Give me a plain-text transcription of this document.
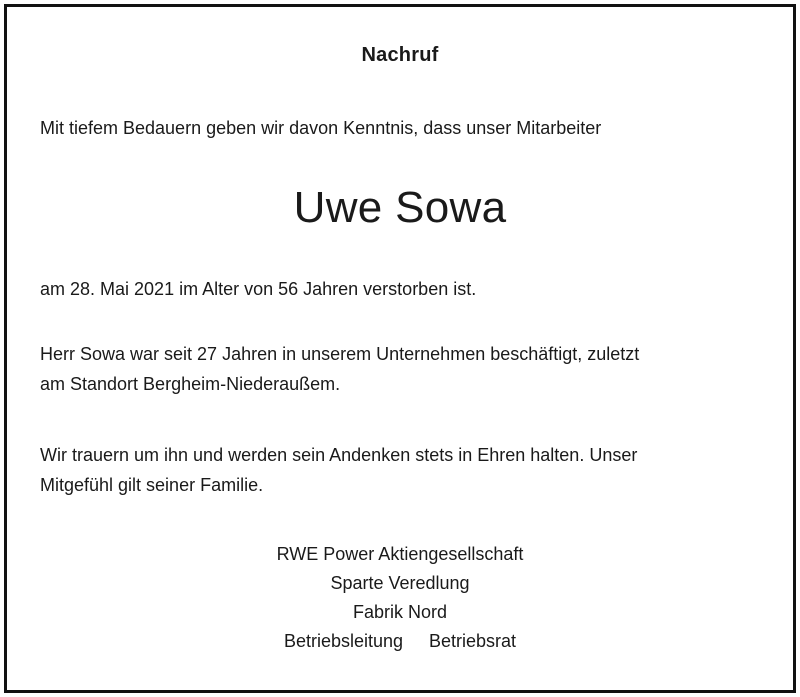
Nachruf
Mit tiefem Bedauern geben wir davon Kenntnis, dass unser Mitarbeiter
Uwe Sowa
am 28. Mai 2021 im Alter von 56 Jahren verstorben ist.
Herr Sowa war seit 27 Jahren in unserem Unternehmen beschäftigt, zuletzt
am Standort Bergheim-Niederaußem.
Wir trauern um ihn und werden sein Andenken stets in Ehren halten. Unser
Mitgefühl gilt seiner Familie.
RWE Power Aktiengesellschaft
Sparte Veredlung
Fabrik Nord
Betriebsleitung Betriebsrat
